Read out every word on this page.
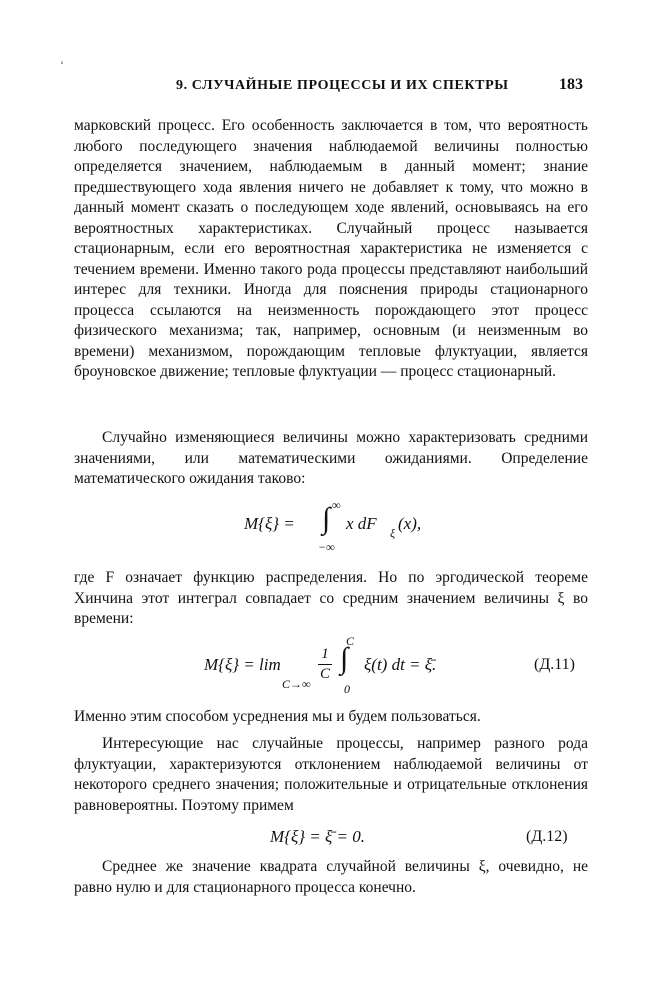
‘
9. СЛУЧАЙНЫЕ ПРОЦЕССЫ И ИХ СПЕКТРЫ	183

марковский процесс. Его особенность заключается в том, что вероятность любого последующего значения наблюдаемой величины полностью определяется значением, наблюдаемым в данный момент; знание предшествующего хода явления ничего не добавляет к тому, что можно в данный момент сказать о последующем ходе явлений, основываясь на его вероятностных характеристиках. Случайный процесс называется стационарным, если его вероятностная характеристика не изменяется с течением времени. Именно такого рода процессы представляют наибольший интерес для техники. Иногда для пояснения природы стационарного процесса ссылаются на неизменность порождающего этот процесс физического механизма; так, например, основным (и неизменным во времени) механизмом, порождающим тепловые флуктуации, является броуновское движение; тепловые флуктуации — процесс стационарный.

Случайно изменяющиеся величины можно характеризовать средними значениями, или математическими ожиданиями. Определение математического ожидания таково:

M{ξ} =
∞
∫
−∞
x dF ξ (x),

где F означает функцию распределения. Но по эргодической теореме Хинчина этот интеграл совпадает со средним значением величины ξ во времени:

M{ξ} = lim
C→∞
1
C
C
∫
0
ξ(t) dt = ξ̄.	(Д.11)

Именно этим способом усреднения мы и будем пользоваться.

Интересующие нас случайные процессы, например разного рода флуктуации, характеризуются отклонением наблюдаемой величины от некоторого среднего значения; положительные и отрицательные отклонения равновероятны. Поэтому примем

M{ξ} = ξ̄ = 0.	(Д.12)

Среднее же значение квадрата случайной величины ξ, очевидно, не равно нулю и для стационарного процесса конечно.
